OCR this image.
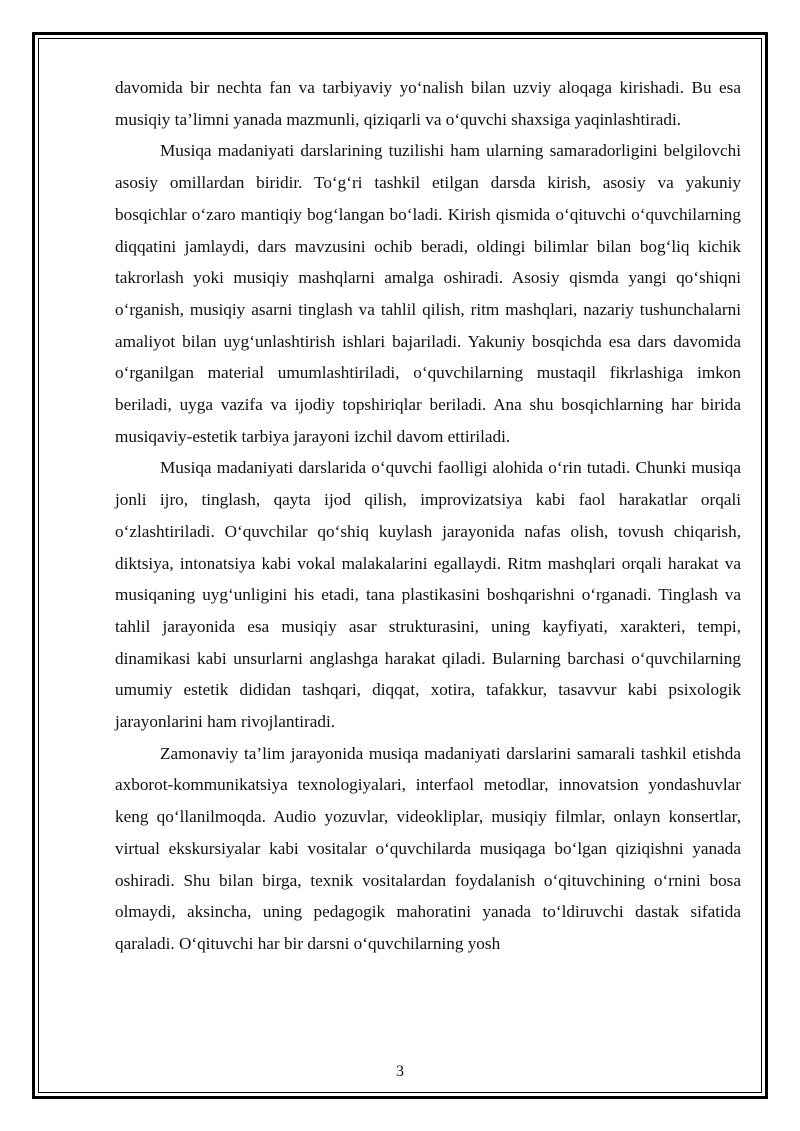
davomida bir nechta fan va tarbiyaviy yo‘nalish bilan uzviy aloqaga kirishadi. Bu esa musiqiy ta’limni yanada mazmunli, qiziqarli va o‘quvchi shaxsiga yaqinlashtiradi.

Musiqa madaniyati darslarining tuzilishi ham ularning samaradorligini belgilovchi asosiy omillardan biridir. To‘g‘ri tashkil etilgan darsda kirish, asosiy va yakuniy bosqichlar o‘zaro mantiqiy bog‘langan bo‘ladi. Kirish qismida o‘qituvchi o‘quvchilarning diqqatini jamlaydi, dars mavzusini ochib beradi, oldingi bilimlar bilan bog‘liq kichik takrorlash yoki musiqiy mashqlarni amalga oshiradi. Asosiy qismda yangi qo‘shiqni o‘rganish, musiqiy asarni tinglash va tahlil qilish, ritm mashqlari, nazariy tushunchalarni amaliyot bilan uyg‘unlashtirish ishlari bajariladi. Yakuniy bosqichda esa dars davomida o‘rganilgan material umumlashtiriladi, o‘quvchilarning mustaqil fikrlashiga imkon beriladi, uyga vazifa va ijodiy topshiriqlar beriladi. Ana shu bosqichlarning har birida musiqaviy-estetik tarbiya jarayoni izchil davom ettiriladi.

Musiqa madaniyati darslarida o‘quvchi faolligi alohida o‘rin tutadi. Chunki musiqa jonli ijro, tinglash, qayta ijod qilish, improvizatsiya kabi faol harakatlar orqali o‘zlashtiriladi. O‘quvchilar qo‘shiq kuylash jarayonida nafas olish, tovush chiqarish, diktsiya, intonatsiya kabi vokal malakalarini egallaydi. Ritm mashqlari orqali harakat va musiqaning uyg‘unligini his etadi, tana plastikasini boshqarishni o‘rganadi. Tinglash va tahlil jarayonida esa musiqiy asar strukturasini, uning kayfiyati, xarakteri, tempi, dinamikasi kabi unsurlarni anglashga harakat qiladi. Bularning barchasi o‘quvchilarning umumiy estetik dididan tashqari, diqqat, xotira, tafakkur, tasavvur kabi psixologik jarayonlarini ham rivojlantiradi.

Zamonaviy ta’lim jarayonida musiqa madaniyati darslarini samarali tashkil etishda axborot-kommunikatsiya texnologiyalari, interfaol metodlar, innovatsion yondashuvlar keng qo‘llanilmoqda. Audio yozuvlar, videokliplar, musiqiy filmlar, onlayn konsertlar, virtual ekskursiyalar kabi vositalar o‘quvchilarda musiqaga bo‘lgan qiziqishni yanada oshiradi. Shu bilan birga, texnik vositalardan foydalanish o‘qituvchining o‘rnini bosa olmaydi, aksincha, uning pedagogik mahoratini yanada to‘ldiruvchi dastak sifatida qaraladi. O‘qituvchi har bir darsni o‘quvchilarning yosh

3
